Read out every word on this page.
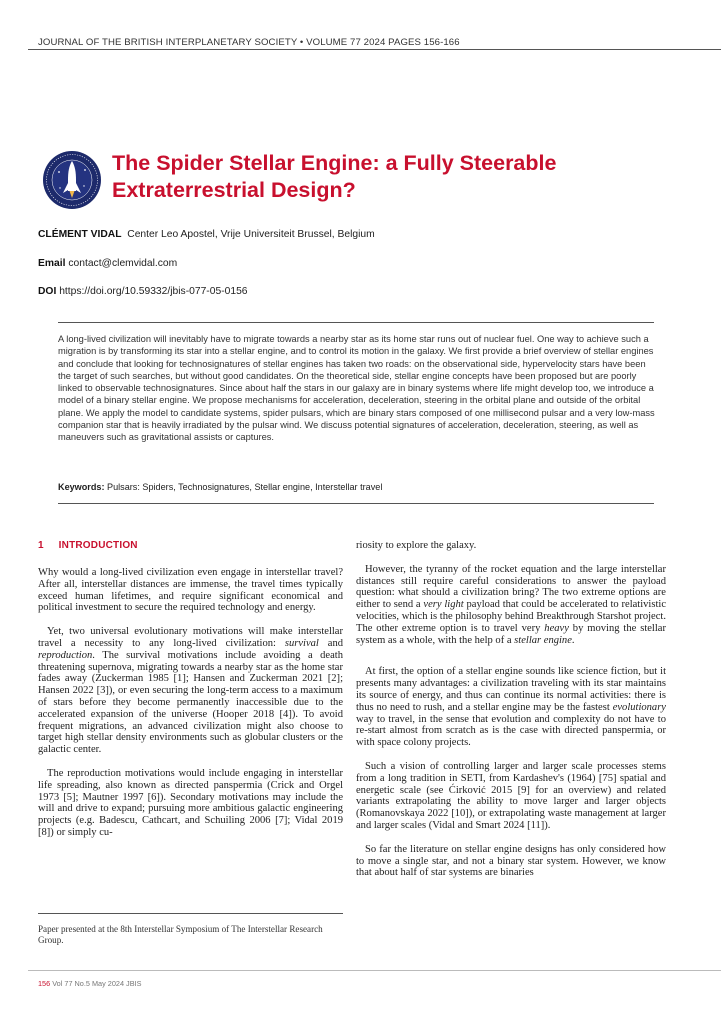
JOURNAL OF THE BRITISH INTERPLANETARY SOCIETY • VOLUME 77 2024 PAGES 156-166
The Spider Stellar Engine: a Fully Steerable Extraterrestrial Design?
CLÉMENT VIDAL Center Leo Apostel, Vrije Universiteit Brussel, Belgium
Email contact@clemvidal.com
DOI https://doi.org/10.59332/jbis-077-05-0156
A long-lived civilization will inevitably have to migrate towards a nearby star as its home star runs out of nuclear fuel. One way to achieve such a migration is by transforming its star into a stellar engine, and to control its motion in the galaxy. We first provide a brief overview of stellar engines and conclude that looking for technosignatures of stellar engines has taken two roads: on the observational side, hypervelocity stars have been the target of such searches, but without good candidates. On the theoretical side, stellar engine concepts have been proposed but are poorly linked to observable technosignatures. Since about half the stars in our galaxy are in binary systems where life might develop too, we introduce a model of a binary stellar engine. We propose mechanisms for acceleration, deceleration, steering in the orbital plane and outside of the orbital plane. We apply the model to candidate systems, spider pulsars, which are binary stars composed of one millisecond pulsar and a very low-mass companion star that is heavily irradiated by the pulsar wind. We discuss potential signatures of acceleration, deceleration, steering, as well as maneuvers such as gravitational assists or captures.
Keywords: Pulsars: Spiders, Technosignatures, Stellar engine, Interstellar travel
1 INTRODUCTION

Why would a long-lived civilization even engage in interstellar travel? After all, interstellar distances are immense, the travel times typically exceed human lifetimes, and require significant economical and political investment to secure the required technology and energy.

Yet, two universal evolutionary motivations will make interstellar travel a necessity to any long-lived civilization: survival and reproduction. The survival motivations include avoiding a death threatening supernova, migrating towards a nearby star as the home star fades away (Zuckerman 1985 [1]; Hansen and Zuckerman 2021 [2]; Hansen 2022 [3]), or even securing the long-term access to a maximum of stars before they become permanently inaccessible due to the accelerated expansion of the universe (Hooper 2018 [4]). To avoid frequent migrations, an advanced civilization might also choose to target high stellar density environments such as globular clusters or the galactic center.

The reproduction motivations would include engaging in interstellar life spreading, also known as directed panspermia (Crick and Orgel 1973 [5]; Mautner 1997 [6]). Secondary motivations may include the will and drive to expand; pursuing more ambitious galactic engineering projects (e.g. Badescu, Cathcart, and Schuiling 2006 [7]; Vidal 2019 [8]) or simply cu-

riosity to explore the galaxy.

However, the tyranny of the rocket equation and the large interstellar distances still require careful considerations to answer the payload question: what should a civilization bring? The two extreme options are either to send a very light payload that could be accelerated to relativistic velocities, which is the philosophy behind Breakthrough Starshot project. The other extreme option is to travel very heavy by moving the stellar system as a whole, with the help of a stellar engine.

At first, the option of a stellar engine sounds like science fiction, but it presents many advantages: a civilization traveling with its star maintains its source of energy, and thus can continue its normal activities: there is thus no need to rush, and a stellar engine may be the fastest evolutionary way to travel, in the sense that evolution and complexity do not have to re-start almost from scratch as is the case with directed panspermia, or with space colony projects.

Such a vision of controlling larger and larger scale processes stems from a long tradition in SETI, from Kardashev's (1964) [75] spatial and energetic scale (see Ćirković 2015 [9] for an overview) and related variants extrapolating the ability to move larger and larger objects (Romanovskaya 2022 [10]), or extrapolating waste management at larger and larger scales (Vidal and Smart 2024 [11]).

So far the literature on stellar engine designs has only considered how to move a single star, and not a binary star system. However, we know that about half of star systems are binaries

Paper presented at the 8th Interstellar Symposium of The Interstellar Research Group.
156 Vol 77 No.5 May 2024 JBIS
